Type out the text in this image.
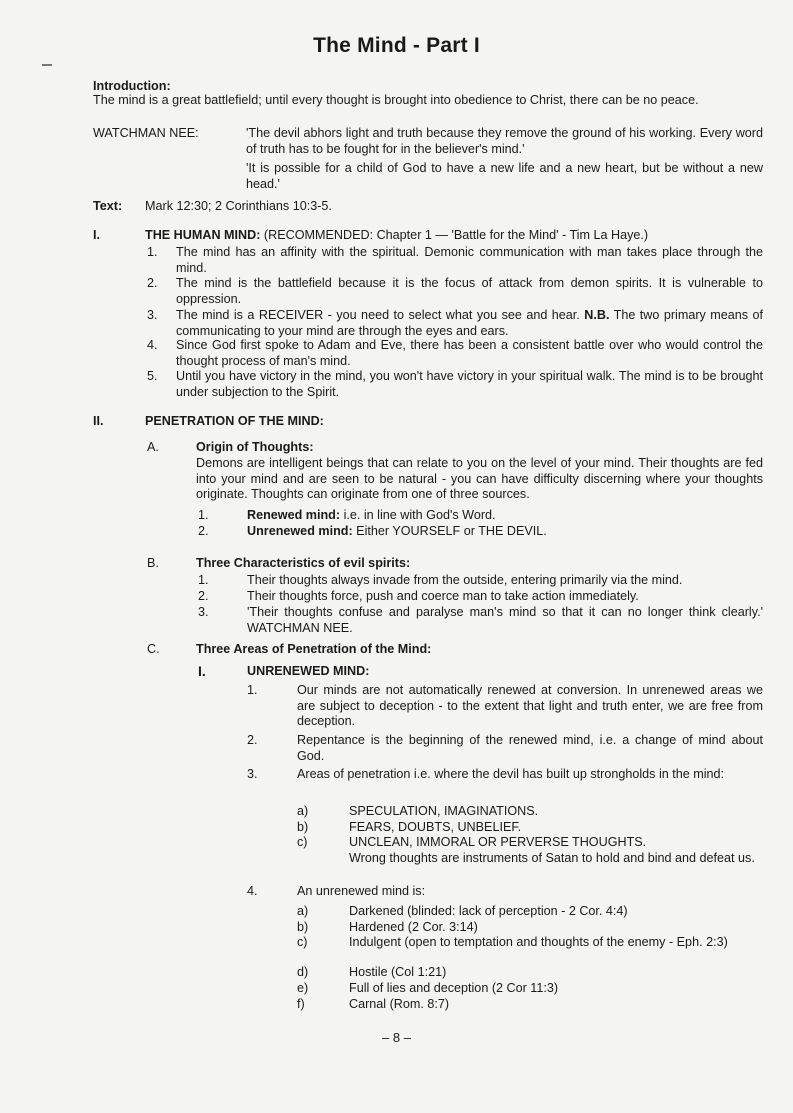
The Mind - Part I
Introduction:
The mind is a great battlefield; until every thought is brought into obedience to Christ, there can be no peace.
WATCHMAN NEE:	'The devil abhors light and truth because they remove the ground of his working. Every word of truth has to be fought for in the believer's mind.'
'It is possible for a child of God to have a new life and a new heart, but be without a new head.'
Text: Mark 12:30; 2 Corinthians 10:3-5.
I.	THE HUMAN MIND: (RECOMMENDED: Chapter 1 — 'Battle for the Mind' - Tim La Haye.)
1. The mind has an affinity with the spiritual. Demonic communication with man takes place through the mind.
2. The mind is the battlefield because it is the focus of attack from demon spirits. It is vulnerable to oppression.
3. The mind is a RECEIVER - you need to select what you see and hear. N.B. The two primary means of communicating to your mind are through the eyes and ears.
4. Since God first spoke to Adam and Eve, there has been a consistent battle over who would control the thought process of man's mind.
5. Until you have victory in the mind, you won't have victory in your spiritual walk. The mind is to be brought under subjection to the Spirit.
II.	PENETRATION OF THE MIND:
A.	Origin of Thoughts:
Demons are intelligent beings that can relate to you on the level of your mind. Their thoughts are fed into your mind and are seen to be natural - you can have difficulty discerning where your thoughts originate. Thoughts can originate from one of three sources.
1.	Renewed mind: i.e. in line with God's Word.
2.	Unrenewed mind: Either YOURSELF or THE DEVIL.
B.	Three Characteristics of evil spirits:
1.	Their thoughts always invade from the outside, entering primarily via the mind.
2.	Their thoughts force, push and coerce man to take action immediately.
3.	'Their thoughts confuse and paralyse man's mind so that it can no longer think clearly.' WATCHMAN NEE.
C.	Three Areas of Penetration of the Mind:
I.	UNRENEWED MIND:
1.	Our minds are not automatically renewed at conversion. In unrenewed areas we are subject to deception - to the extent that light and truth enter, we are free from deception.
2.	Repentance is the beginning of the renewed mind, i.e. a change of mind about God.
3.	Areas of penetration i.e. where the devil has built up strongholds in the mind:
a)	SPECULATION, IMAGINATIONS.
b)	FEARS, DOUBTS, UNBELIEF.
c)	UNCLEAN, IMMORAL OR PERVERSE THOUGHTS.
Wrong thoughts are instruments of Satan to hold and bind and defeat us.
4.	An unrenewed mind is:
a)	Darkened (blinded: lack of perception - 2 Cor. 4:4)
b)	Hardened (2 Cor. 3:14)
c)	Indulgent (open to temptation and thoughts of the enemy - Eph. 2:3)
d)	Hostile (Col 1:21)
e)	Full of lies and deception (2 Cor 11:3)
f)	Carnal (Rom. 8:7)
– 8 –
